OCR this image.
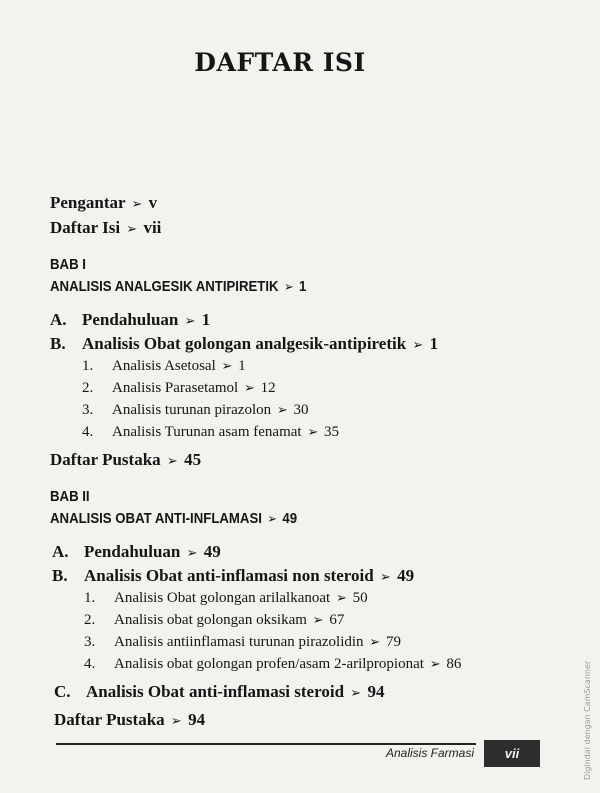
DAFTAR ISI
Pengantar ➢ v
Daftar Isi ➢ vii
BAB I
ANALISIS ANALGESIK ANTIPIRETIK ➢ 1
A. Pendahuluan ➢ 1
B. Analisis Obat golongan analgesik-antipiretik ➢ 1
1. Analisis Asetosal ➢ 1
2. Analisis Parasetamol ➢ 12
3. Analisis turunan pirazolon ➢ 30
4. Analisis Turunan asam fenamat ➢ 35
Daftar Pustaka ➢ 45
BAB II
ANALISIS OBAT ANTI-INFLAMASI ➢ 49
A. Pendahuluan ➢ 49
B. Analisis Obat anti-inflamasi non steroid ➢ 49
1. Analisis Obat golongan arilalkanoat ➢ 50
2. Analisis obat golongan oksikam ➢ 67
3. Analisis antiinflamasi turunan pirazolidin ➢ 79
4. Analisis obat golongan profen/asam 2-arilpropionat ➢ 86
C. Analisis Obat anti-inflamasi steroid ➢ 94
Daftar Pustaka ➢ 94
Analisis Farmasi	vii	Digindai dengan CamScanner
